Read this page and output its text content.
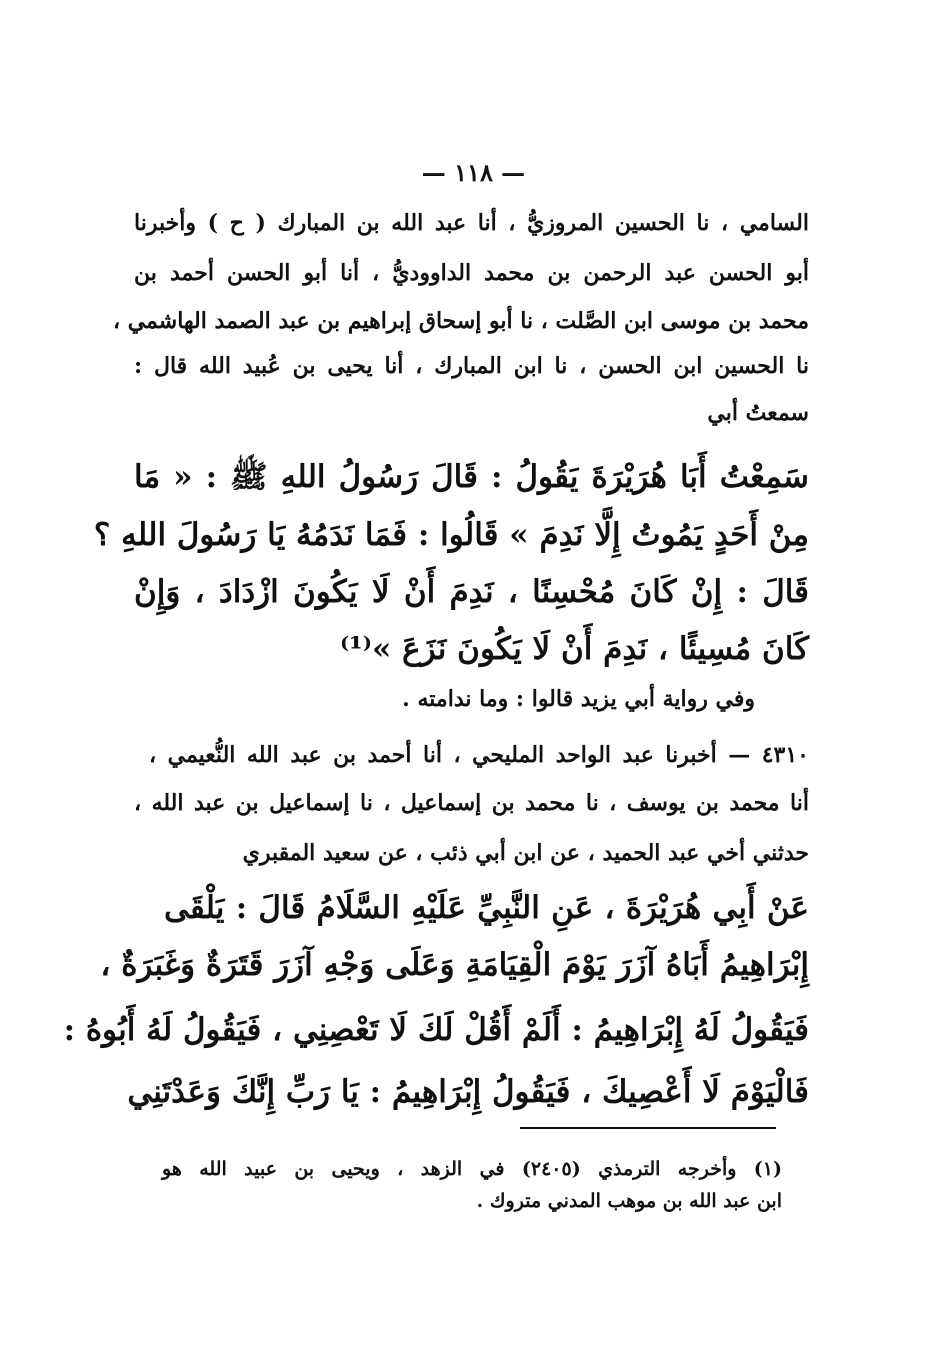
— ١١٨ —
السامي ، نا الحسين المروزيُّ ، أنا عبد الله بن المبارك ( ح ) وأخبرنا
أبو الحسن عبد الرحمن بن محمد الداووديُّ ، أنا أبو الحسن أحمد بن
محمد بن موسى ابن الصَّلت ، نا أبو إسحاق إبراهيم بن عبد الصمد الهاشمي ،
نا الحسين ابن الحسن ، نا ابن المبارك ، أنا يحيى بن عُبيد الله قال :
سمعتُ أبي
سَمِعْتُ أَبَا هُرَيْرَةَ يَقُولُ : قَالَ رَسُولُ اللهِ ﷺ : « مَا
مِنْ أَحَدٍ يَمُوتُ إِلَّا نَدِمَ » قَالُوا : فَمَا نَدَمُهُ يَا رَسُولَ اللهِ ؟
قَالَ : إِنْ كَانَ مُحْسِنًا ، نَدِمَ أَنْ لَا يَكُونَ ازْدَادَ ، وَإِنْ
كَانَ مُسِيئًا ، نَدِمَ أَنْ لَا يَكُونَ نَزَعَ »⁽¹⁾
وفي رواية أبي يزيد قالوا : وما ندامته .
٤٣١٠ — أخبرنا عبد الواحد المليحي ، أنا أحمد بن عبد الله النُّعيمي ،
أنا محمد بن يوسف ، نا محمد بن إسماعيل ، نا إسماعيل بن عبد الله ،
حدثني أخي عبد الحميد ، عن ابن أبي ذئب ، عن سعيد المقبري
عَنْ أَبِي هُرَيْرَةَ ، عَنِ النَّبِيِّ عَلَيْهِ السَّلَامُ قَالَ : يَلْقَى
إِبْرَاهِيمُ أَبَاهُ آزَرَ يَوْمَ الْقِيَامَةِ وَعَلَى وَجْهِ آزَرَ قَتَرَةٌ وَغَبَرَةٌ ،
فَيَقُولُ لَهُ إِبْرَاهِيمُ : أَلَمْ أَقُلْ لَكَ لَا تَعْصِنِي ، فَيَقُولُ لَهُ أَبُوهُ :
فَالْيَوْمَ لَا أَعْصِيكَ ، فَيَقُولُ إِبْرَاهِيمُ : يَا رَبِّ إِنَّكَ وَعَدْتَنِي
(١) وأخرجه الترمذي (٢٤٠٥) في الزهد ، ويحيى بن عبيد الله هو
ابن عبد الله بن موهب المدني متروك .
